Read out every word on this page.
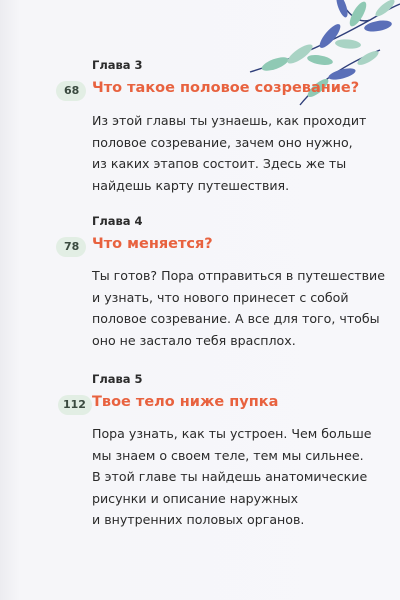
Глава 3
68 Что такое половое созревание?
Из этой главы ты узнаешь, как проходит
половое созревание, зачем оно нужно,
из каких этапов состоит. Здесь же ты
найдешь карту путешествия.
Глава 4
78 Что меняется?
Ты готов? Пора отправиться в путешествие
и узнать, что нового принесет с собой
половое созревание. А все для того, чтобы
оно не застало тебя врасплох.
Глава 5
112 Твое тело ниже пупка
Пора узнать, как ты устроен. Чем больше
мы знаем о своем теле, тем мы сильнее.
В этой главе ты найдешь анатомические
рисунки и описание наружных
и внутренних половых органов.
